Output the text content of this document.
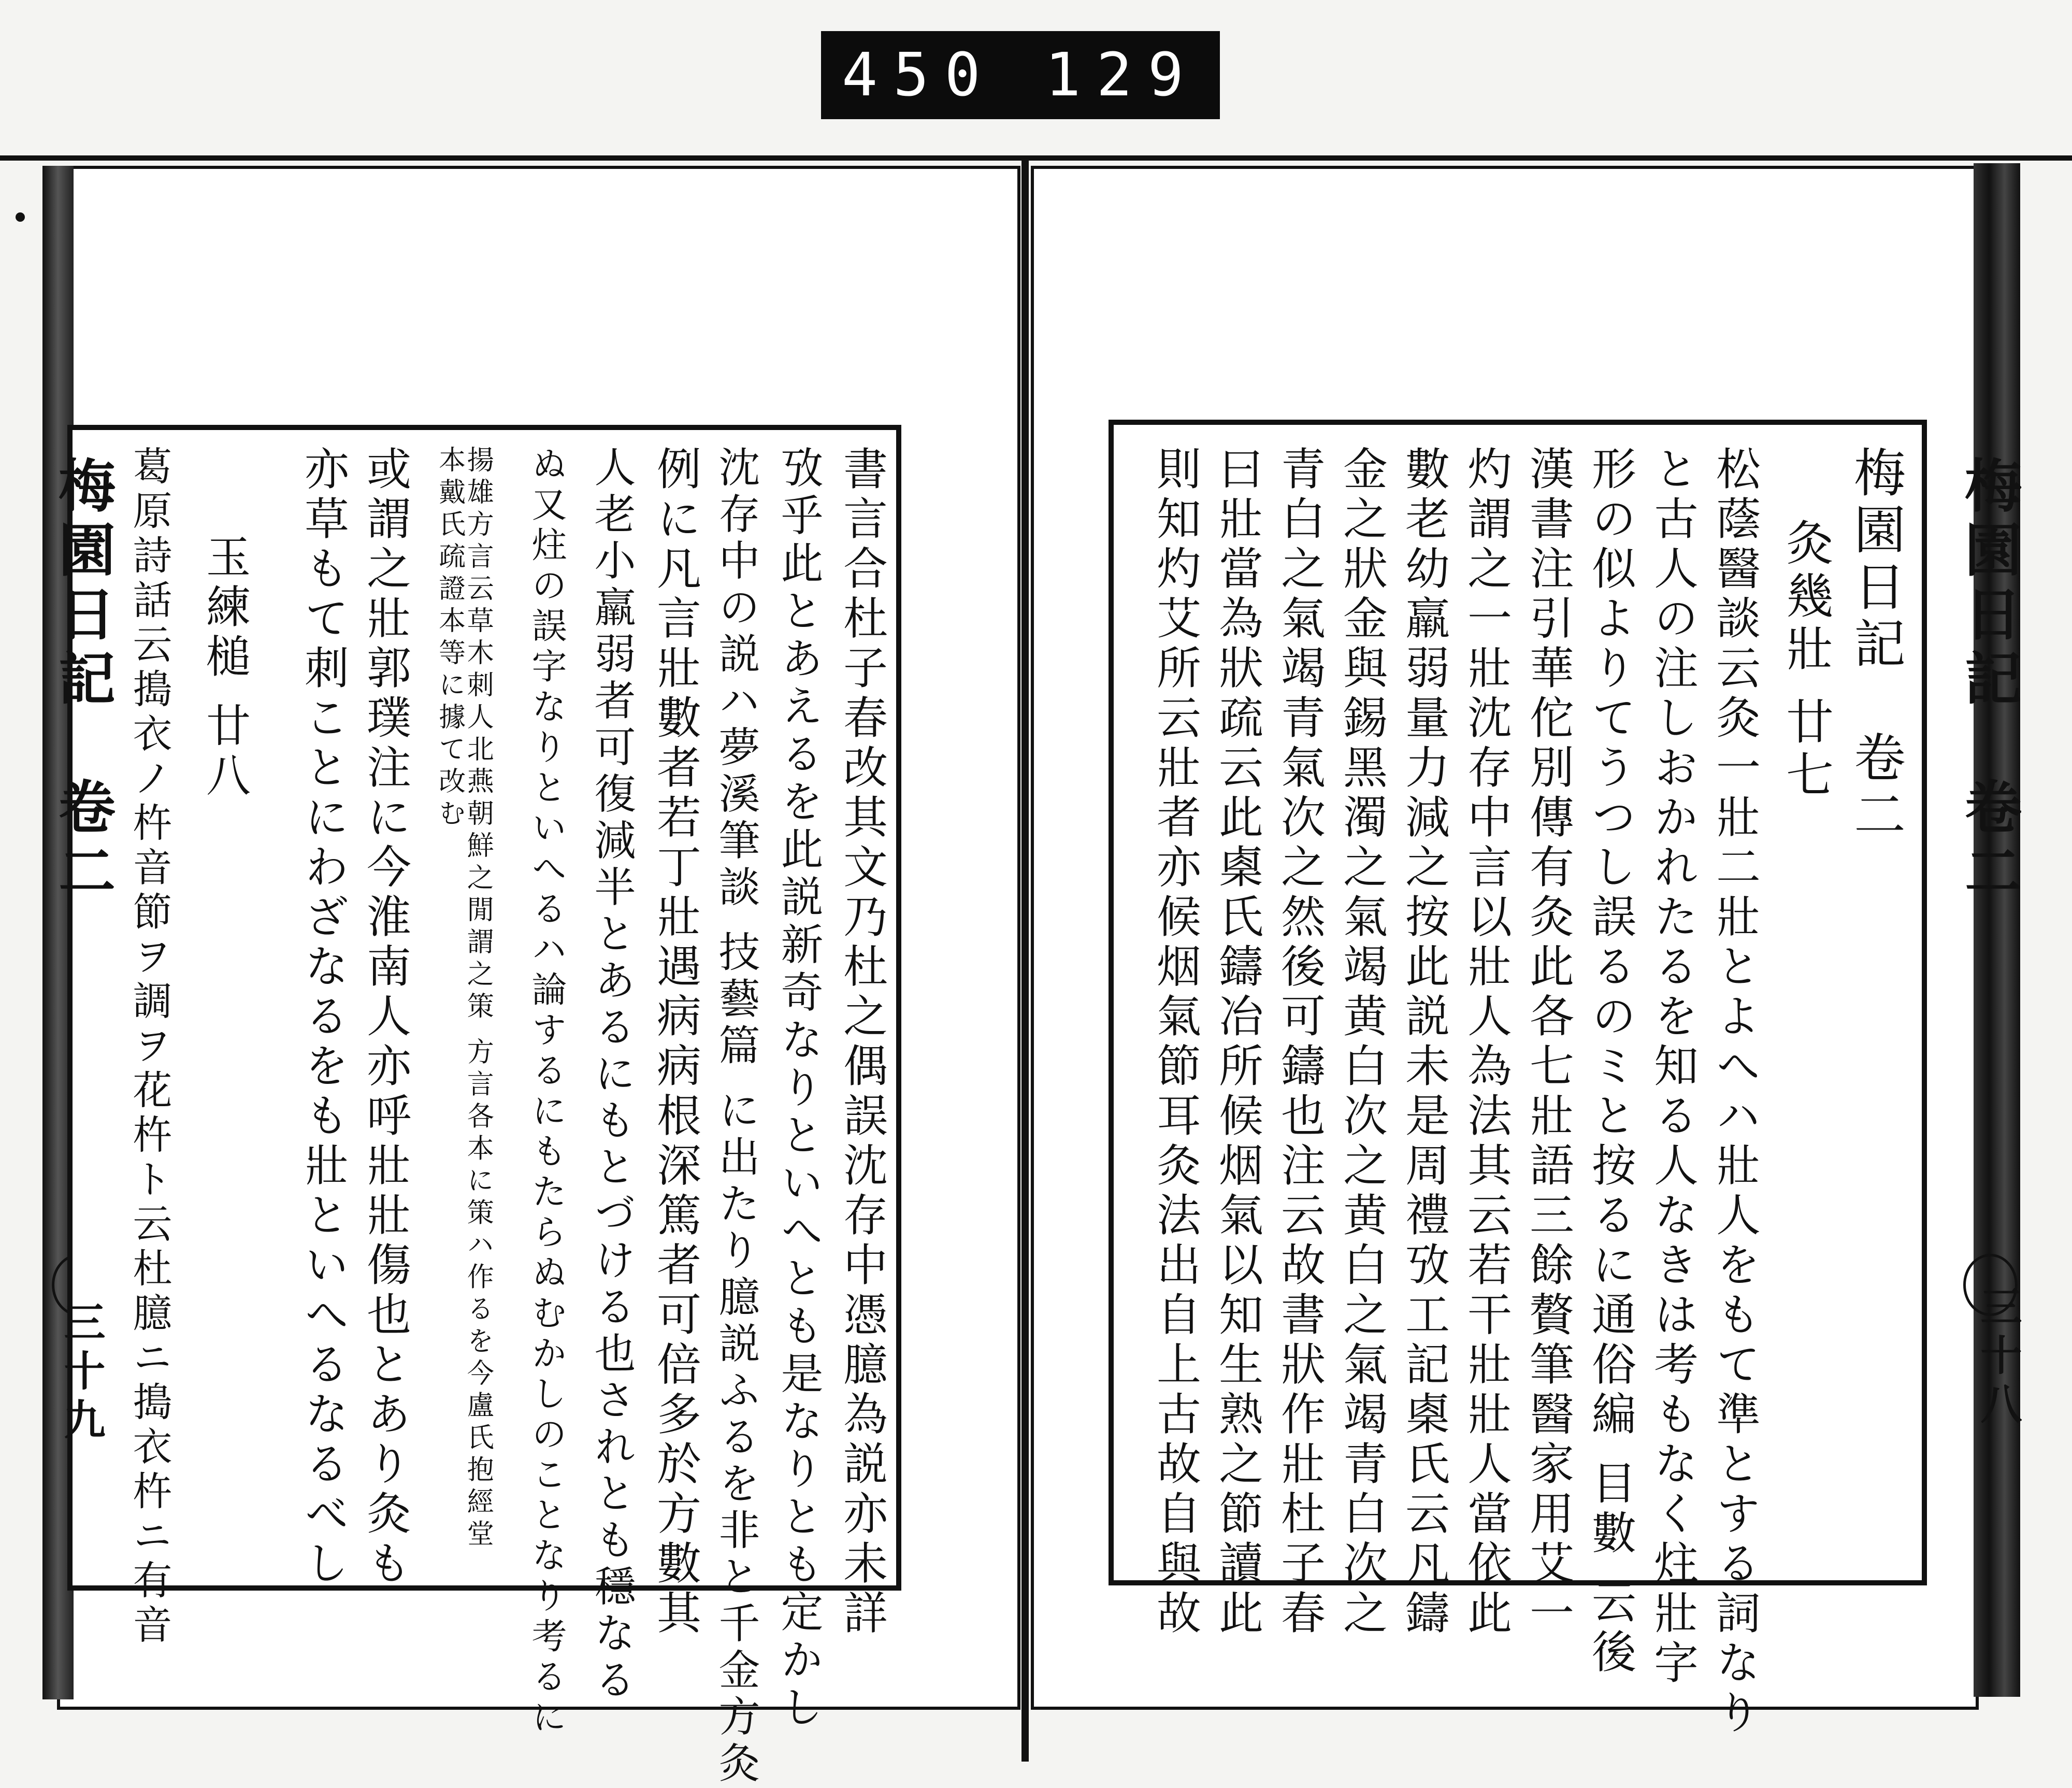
450 129
梅園日記　卷二
三十九
梅園日記　卷二
三十八
梅園日記　卷二
灸幾壯 廿七
松蔭醫談云灸一壯二壯とよへハ壯人をもて準とする詞なり
と古人の注しおかれたるを知る人なきは考もなく炷壯字
形の似よりてうつし誤るのミと按るに通俗編 目數 云後
漢書注引華佗別傳有灸此各七壯語三餘贅筆醫家用艾一
灼謂之一壯沈存中言以壯人為法其云若干壯壯人當依此
數老幼羸弱量力減之按此説未是周禮攷工記㮚氏云凡鑄
金之狀金與錫黑濁之氣竭黄白次之黄白之氣竭青白次之
青白之氣竭青氣次之然後可鑄也注云故書狀作壯杜子春
曰壯當為狀疏云此㮚氏鑄冶所候烟氣以知生熟之節讀此
則知灼艾所云壯者亦候烟氣節耳灸法出自上古故自與故
書言合杜子春改其文乃杜之偶誤沈存中憑臆為説亦未詳
攷乎此とあえるを此説新奇なりといへとも是なりとも定かし
沈存中の説ハ夢溪筆談 技藝篇 に出たり臆説ふるを非と千金方灸
例に凡言壯數者若丁壯遇病病根深篤者可倍多於方數其
人老小羸弱者可復減半とあるにもとづける也されとも穩なる
ぬ又炷の誤字なりといへるハ論するにもたらぬむかしのことなり考るに
揚雄方言云草木刺人北燕朝鮮之閒謂之策 方言各本に策ハ作るを今盧氏抱經堂本戴氏疏證本等に據て改む
或謂之壯郭璞注に今淮南人亦呼壯壯傷也とあり灸も
亦草もて刺ことにわざなるをも壯といへるなるべし
玉練槌 廿八
葛原詩話云搗衣ノ杵音節ヲ調ヲ花杵ト云杜臆ニ搗衣杵ニ有音
